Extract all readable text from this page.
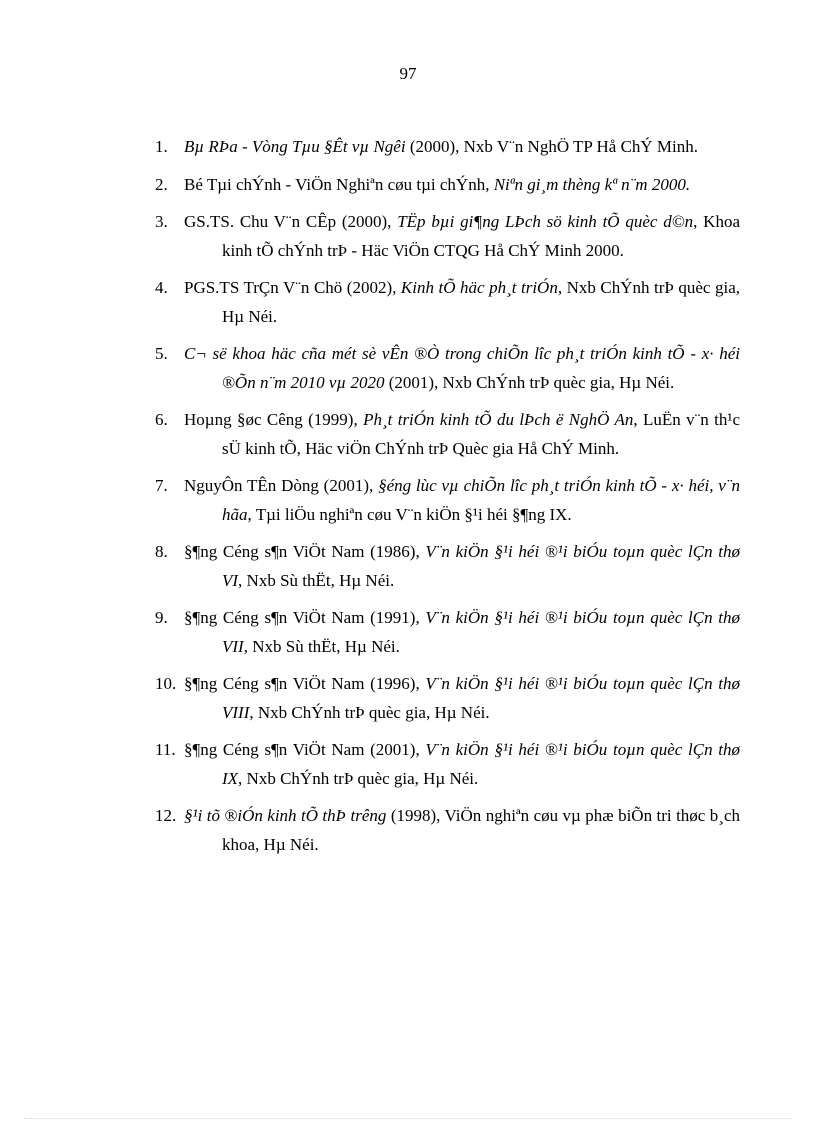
97
1. Bµ RÞa - Vòng Tµu §Êt vµ Ngêi (2000), Nxb V¨n NghÖ TP Hå ChÝ Minh.
2. Bé Tµi chÝnh - ViÖn Nghiªn cøu tµi chÝnh, Niªn gi¸m thèng kª n¨m 2000.
3. GS.TS. Chu V¨n CÊp (2000), TËp bµi gi¶ng LÞch sö kinh tÕ quèc d©n, Khoa kinh tÕ chÝnh trÞ - Häc ViÖn CTQG Hå ChÝ Minh 2000.
4. PGS.TS TrÇn V¨n Chö (2002), Kinh tÕ häc ph¸t triÓn, Nxb ChÝnh trÞ quèc gia, Hµ Néi.
5. C¬ së khoa häc cña mét sè vÊn ®Ò trong chiÕn lîc ph¸t triÓn kinh tÕ - x· héi ®Õn n¨m 2010 vµ 2020 (2001), Nxb ChÝnh trÞ quèc gia, Hµ Néi.
6. Hoµng §øc Cêng (1999), Ph¸t triÓn kinh tÕ du lÞch ë NghÖ An, LuËn v¨n th¹c sÜ kinh tÕ, Häc viÖn ChÝnh trÞ Quèc gia Hå ChÝ Minh.
7. NguyÔn TÊn Dòng (2001), §éng lùc vµ chiÕn lîc ph¸t triÓn kinh tÕ - x· héi, v¨n hãa, Tµi liÖu nghiªn cøu V¨n kiÖn §¹i héi §¶ng IX.
8. §¶ng Céng s¶n ViÖt Nam (1986), V¨n kiÖn §¹i héi ®¹i biÓu toµn quèc lÇn thø VI, Nxb Sù thËt, Hµ Néi.
9. §¶ng Céng s¶n ViÖt Nam (1991), V¨n kiÖn §¹i héi ®¹i biÓu toµn quèc lÇn thø VII, Nxb Sù thËt, Hµ Néi.
10. §¶ng Céng s¶n ViÖt Nam (1996), V¨n kiÖn §¹i héi ®¹i biÓu toµn quèc lÇn thø VIII, Nxb ChÝnh trÞ quèc gia, Hµ Néi.
11. §¶ng Céng s¶n ViÖt Nam (2001), V¨n kiÖn §¹i héi ®¹i biÓu toµn quèc lÇn thø IX, Nxb ChÝnh trÞ quèc gia, Hµ Néi.
12. §¹i tõ ®iÓn kinh tÕ thÞ trêng (1998), ViÖn nghiªn cøu vµ phæ biÕn tri thøc b¸ch khoa, Hµ Néi.
